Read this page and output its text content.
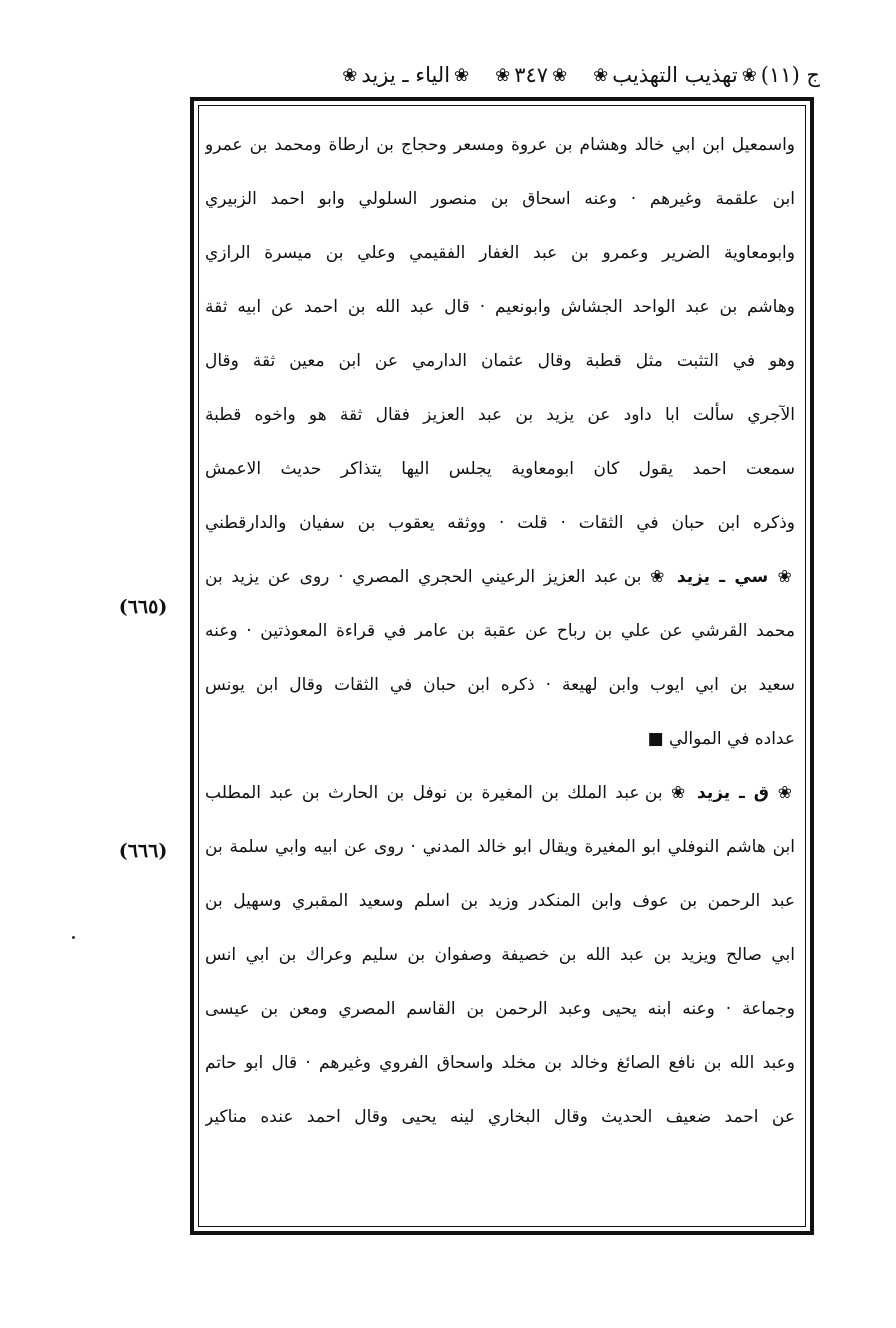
ج (١١)
❀
تهذيب التهذيب
❀
❀
٣٤٧
❀
❀
الياء ـ يزيد
❀
واسمعيل ابن ابي خالد وهشام بن عروة ومسعر وحجاج بن ارطاة ومحمد بن عمرو
ابن علقمة وغيرهم · وعنه اسحاق بن منصور السلولي وابو احمد الزبيري
وابومعاوية الضرير وعمرو بن عبد الغفار الفقيمي وعلي بن ميسرة الرازي
وهاشم بن عبد الواحد الجشاش وابونعيم · قال عبد الله بن احمد عن ابيه ثقة
وهو في التثبت مثل قطبة وقال عثمان الدارمي عن ابن معين ثقة وقال
الآجري سألت ابا داود عن يزيد بن عبد العزيز فقال ثقة هو واخوه قطبة
سمعت احمد يقول كان ابومعاوية يجلس اليها يتذاكر حديث الاعمش
وذكره ابن حبان في الثقات · قلت · ووثقه يعقوب بن سفيان والدارقطني
❀ سي ـ يزيد ❀ بن عبد العزيز الرعيني الحجري المصري · روى عن يزيد بن
محمد القرشي عن علي بن رباح عن عقبة بن عامر في قراءة المعوذتين · وعنه
سعيد بن ابي ايوب وابن لهيعة · ذكره ابن حبان في الثقات وقال ابن يونس
عداده في الموالي ■
❀ ق ـ يزيد ❀ بن عبد الملك بن المغيرة بن نوفل بن الحارث بن عبد المطلب
ابن هاشم النوفلي ابو المغيرة ويقال ابو خالد المدني · روى عن ابيه وابي سلمة بن
عبد الرحمن بن عوف وابن المنكدر وزيد بن اسلم وسعيد المقبري وسهيل بن
ابي صالح ويزيد بن عبد الله بن خصيفة وصفوان بن سليم وعراك بن ابي انس
وجماعة · وعنه ابنه يحيى وعبد الرحمن بن القاسم المصري ومعن بن عيسى
وعبد الله بن نافع الصائغ وخالد بن مخلد واسحاق الفروي وغيرهم · قال ابو حاتم
عن احمد ضعيف الحديث وقال البخاري لينه يحيى وقال احمد عنده مناكير
(٦٦٥)
(٦٦٦)
